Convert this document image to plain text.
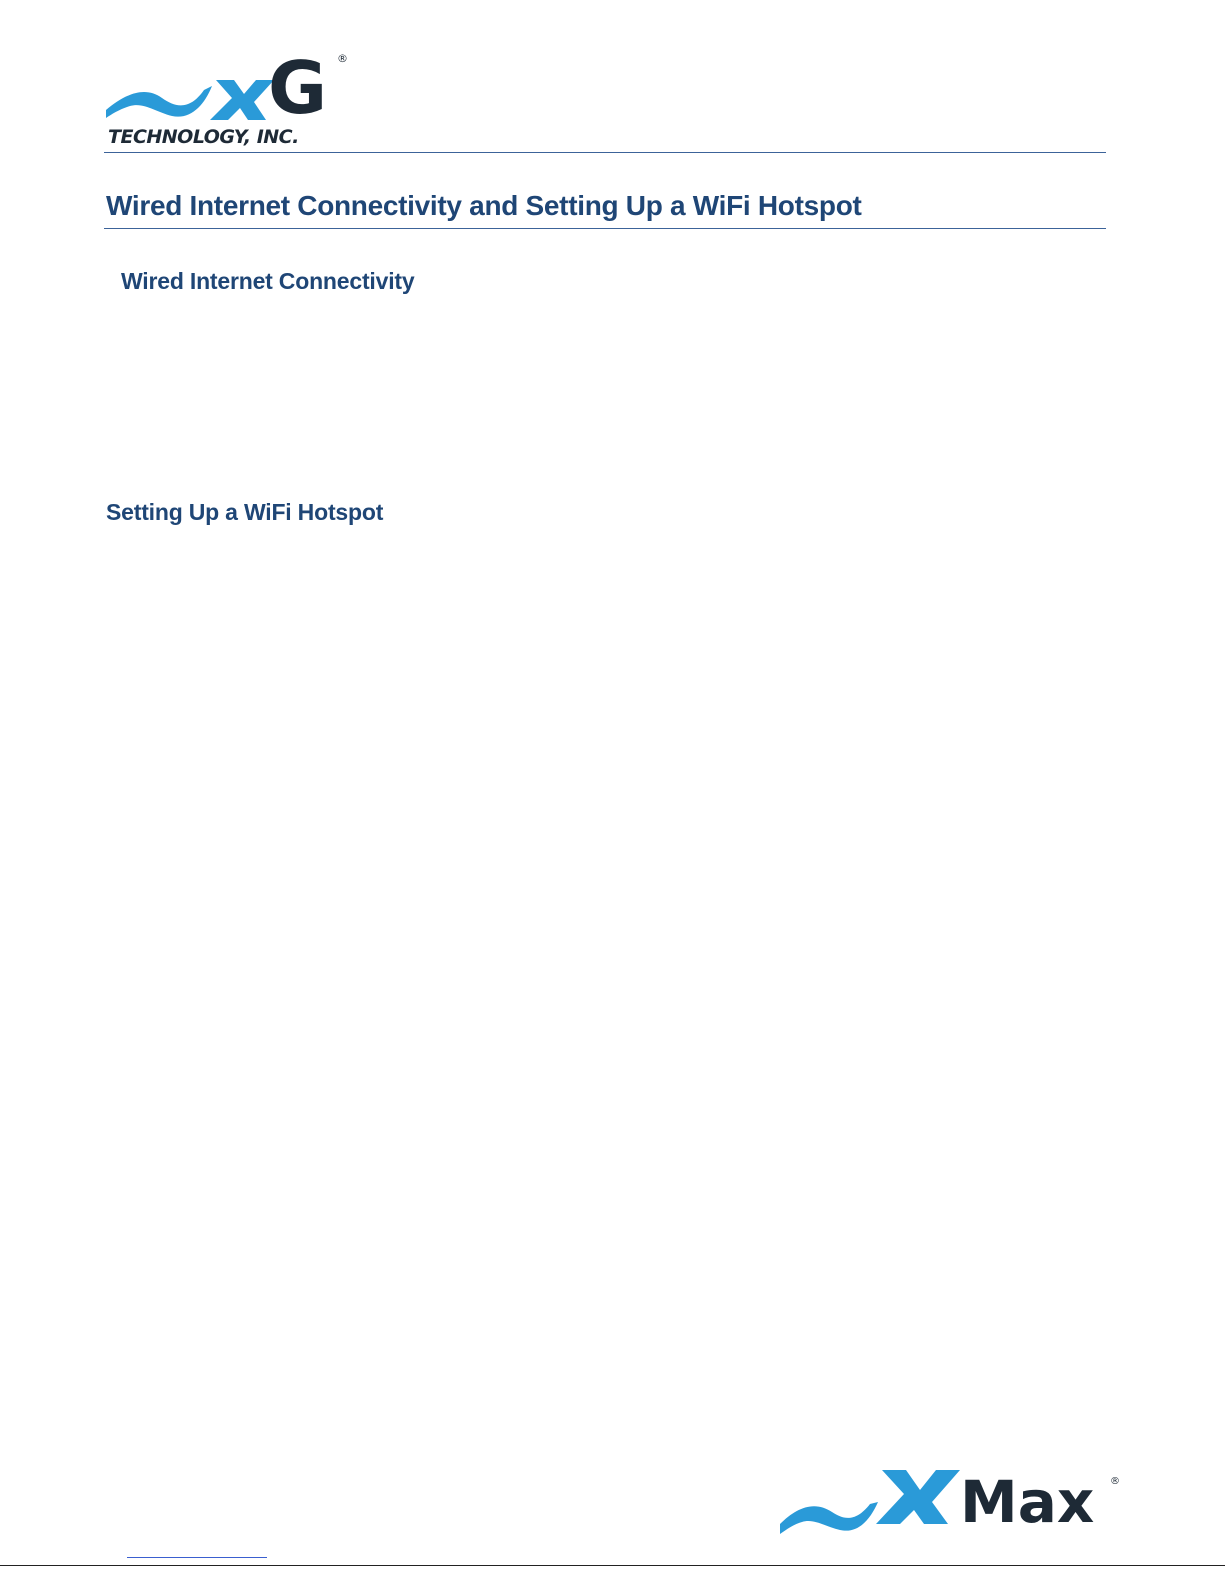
G ®
TECHNOLOGY, INC.
Wired Internet Connectivity and Setting Up a WiFi Hotspot
Wired Internet Connectivity
Setting Up a WiFi Hotspot
Max ®
